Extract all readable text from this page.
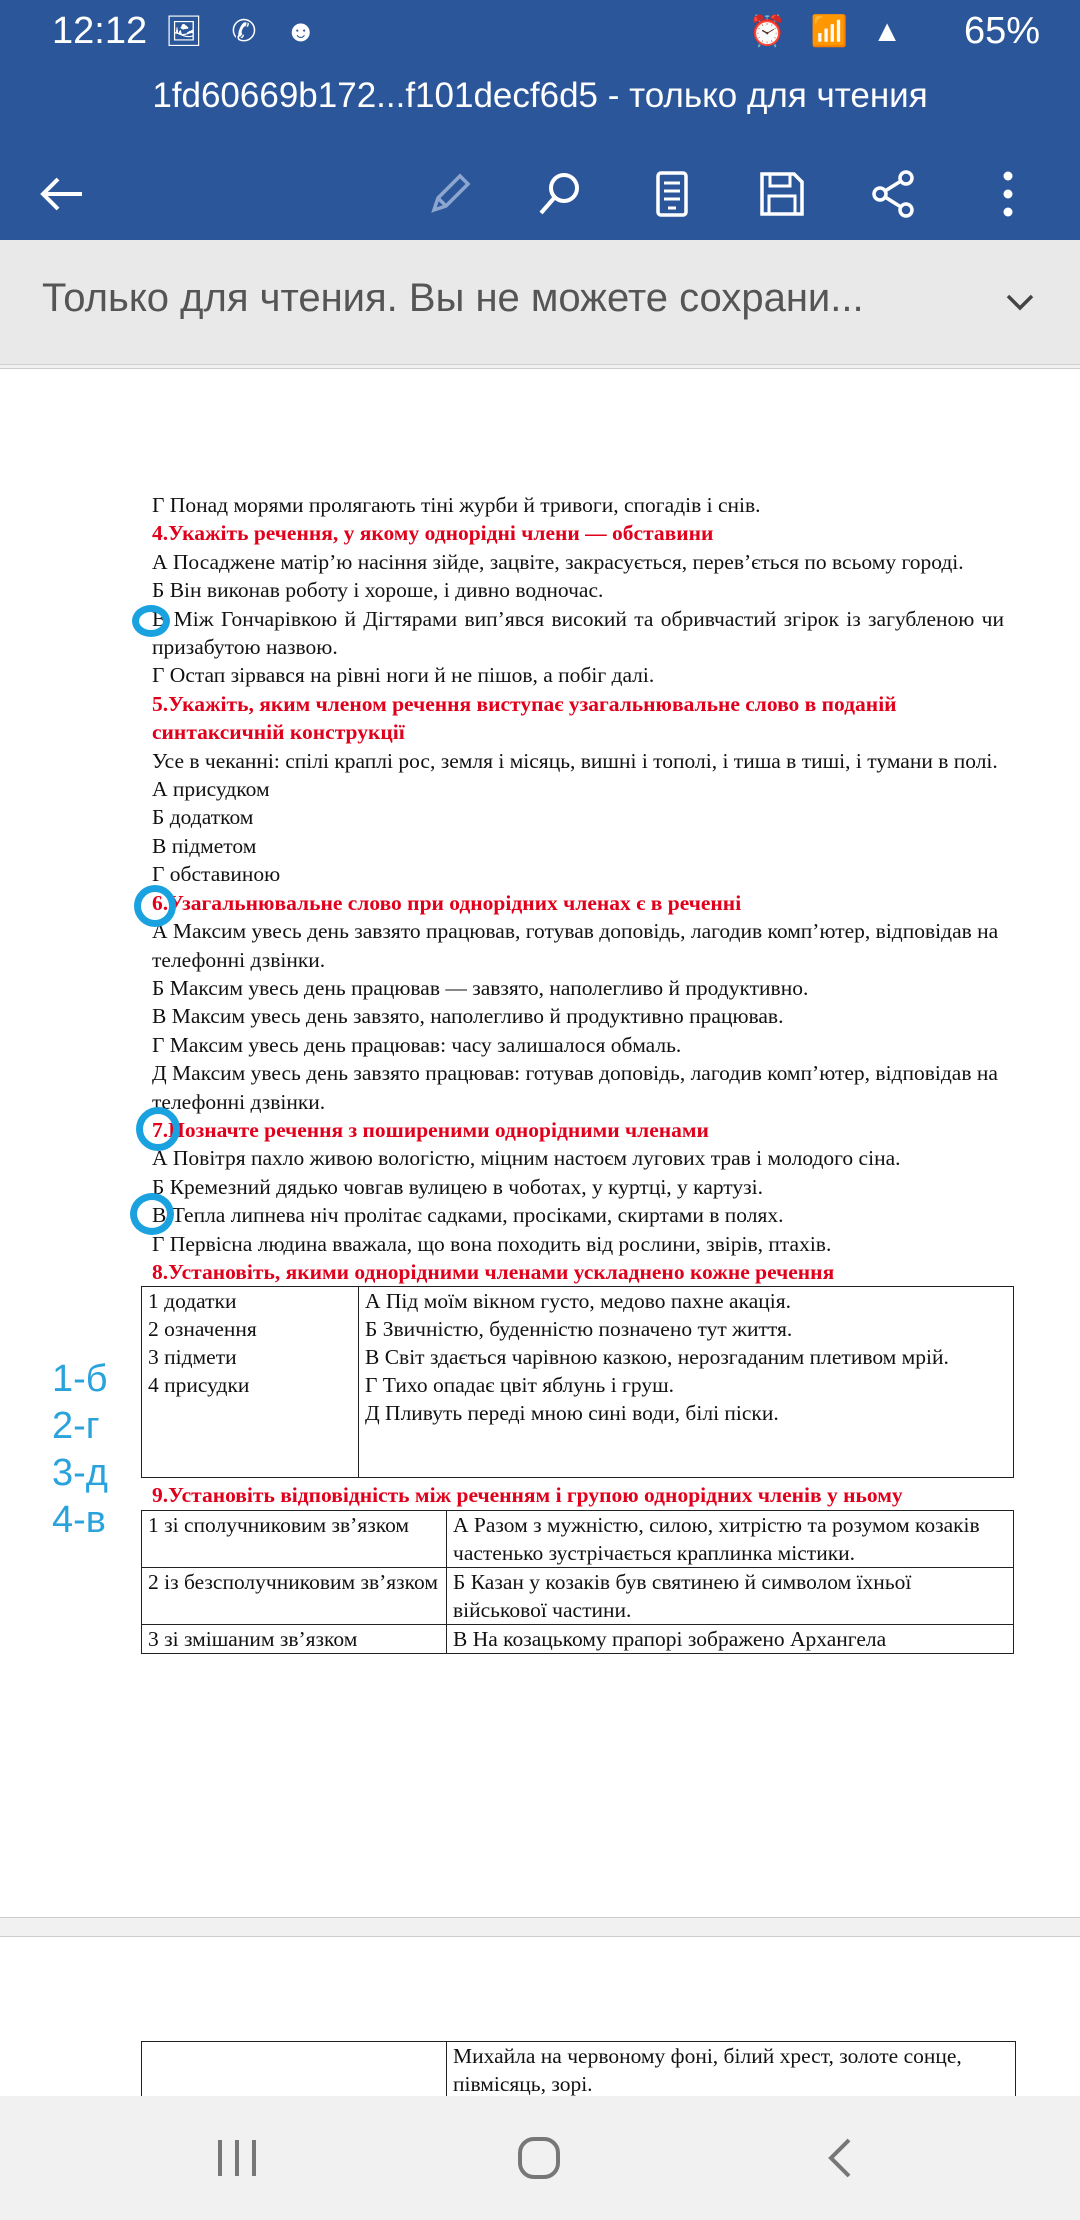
12:12 🖼 ✆ ☻	⏰ 📶 ▲ 65%
1fd60669b172...f101decf6d5 - только для чтения
Только для чтения. Вы не можете сохрани...

Г Понад морями пролягають тіні журби й тривоги, спогадів і снів.

4.Укажіть речення, у якому однорідні члени — обставини

А Посаджене матір’ю насіння зійде, зацвіте, закрасується, перев’ється по всьому городі.

Б Він виконав роботу і хороше, і дивно водночас.

В Між Гончарівкою й Дігтярами вип’явся високий та обривчастий згірок із загубленою чи призабутою назвою.

Г Остап зірвався на рівні ноги й не пішов, а побіг далі.

5.Укажіть, яким членом речення виступає узагальнювальне слово в поданій синтаксичній конструкції

Усе в чеканні: спілі краплі рос, земля і місяць, вишні і тополі, і тиша в тиші, і тумани в полі.

А присудком

Б додатком

В підметом

Г обставиною

6.Узагальнювальне слово при однорідних членах є в реченні

А Максим увесь день завзято працював, готував доповідь, лагодив комп’ютер, відповідав на телефонні дзвінки.

Б Максим увесь день працював — завзято, наполегливо й продуктивно.

В Максим увесь день завзято, наполегливо й продуктивно працював.

Г Максим увесь день працював: часу залишалося обмаль.

Д Максим увесь день завзято працював: готував доповідь, лагодив комп’ютер, відповідав на телефонні дзвінки.

7.Позначте речення з поширеними однорідними членами

А Повітря пахло живою вологістю, міцним настоєм лугових трав і молодого сіна.

Б Кремезний дядько човгав вулицею в чоботах, у куртці, у картузі.

В Тепла липнева ніч пролітає садками, просіками, скиртами в полях.

Г Первісна людина вважала, що вона походить від рослини, звірів, птахів.

8.Установіть, якими однорідними членами ускладнено кожне речення

1 додатки
2 означення
3 підмети
4 присудки

А Під моїм вікном густо, медово пахне акація.
Б Звичністю, буденністю позначено тут життя.
В Світ здається чарівною казкою, нерозгаданим плетивом мрій.
Г Тихо опадає цвіт яблунь і груш.
Д Пливуть переді мною сині води, білі піски.

9.Установіть відповідність між реченням і групою однорідних членів у ньому

1 зі сполучниковим зв’язком	А Разом з мужністю, силою, хитрістю та розумом козаків частенько зустрічається краплинка містики.
2 із безсполучниковим зв’язком	Б Казан у козаків був святинею й символом їхньої військової частини.
3 зі змішаним зв’язком	В На козацькому прапорі зображено Архангела
1-б
2-г
3-д
4-в
	Михайла на червоному фоні, білий хрест, золоте сонце, півмісяць, зорі.
